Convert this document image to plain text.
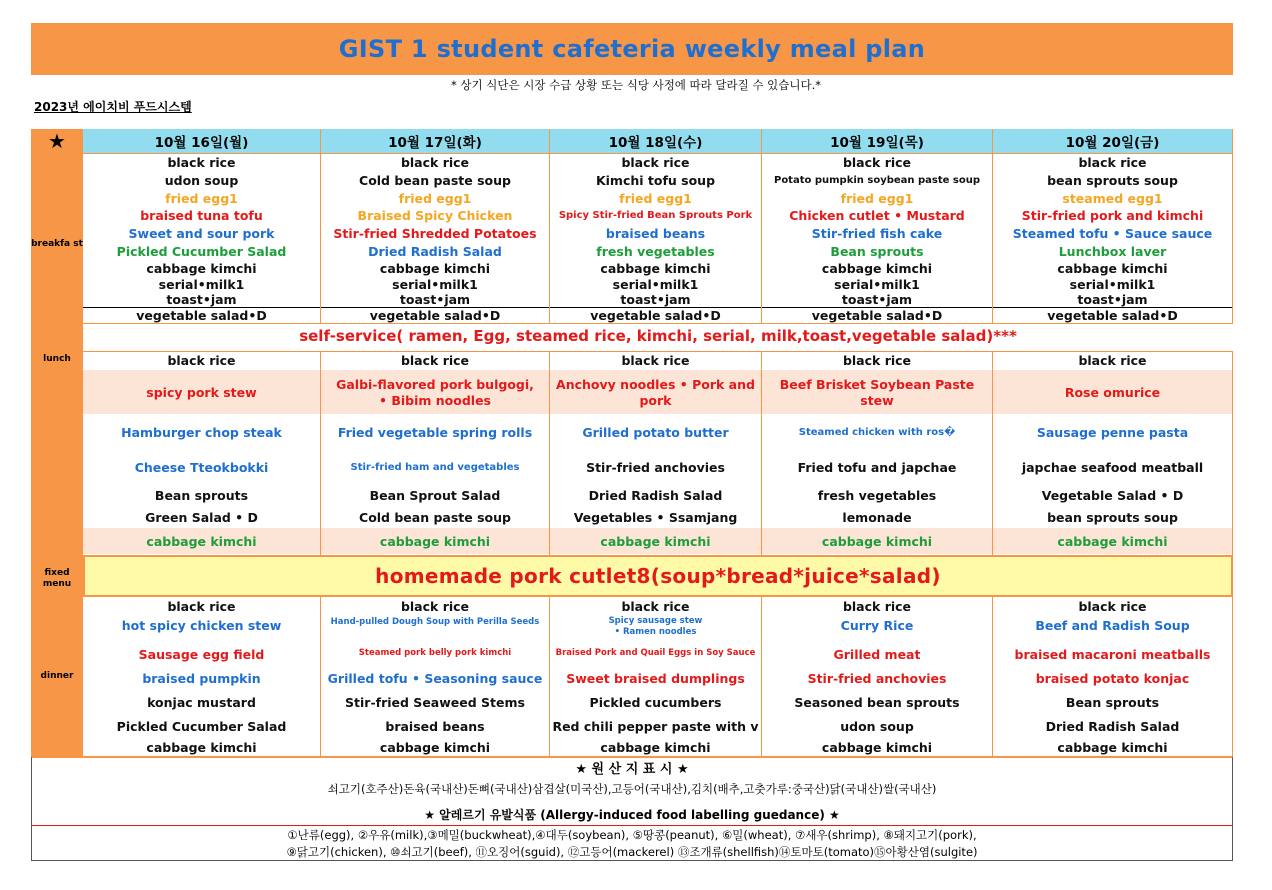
GIST 1 student cafeteria weekly meal plan
* 상기 식단은 시장 수급 상황 또는 식당 사정에 따라 달라질 수 있습니다.*
2023년 에이치비 푸드시스템
★
breakfa st
lunch
fixed menu
dinner
self-service( ramen, Egg, steamed rice, kimchi, serial, milk,toast,vegetable salad)***
homemade pork cutlet8(soup*bread*juice*salad)
10월 16일(월)
black rice
udon soup
fried egg1
braised tuna tofu
Sweet and sour pork
Pickled Cucumber Salad
cabbage kimchi
serial•milk1
toast•jam
vegetable salad•D
black rice
spicy pork stew
Hamburger chop steak
Cheese Tteokbokki
Bean sprouts
Green Salad • D
cabbage kimchi
black rice
hot spicy chicken stew
Sausage egg field
braised pumpkin
konjac mustard
Pickled Cucumber Salad
cabbage kimchi
10월 17일(화)
black rice
Cold bean paste soup
fried egg1
Braised Spicy Chicken
Stir-fried Shredded Potatoes
Dried Radish Salad
cabbage kimchi
serial•milk1
toast•jam
vegetable salad•D
black rice
Galbi-flavored pork bulgogi,
• Bibim noodles
Fried vegetable spring rolls
Stir-fried ham and vegetables
Bean Sprout Salad
Cold bean paste soup
cabbage kimchi
black rice
Hand-pulled Dough Soup with Perilla Seeds
Steamed pork belly pork kimchi
Grilled tofu • Seasoning sauce
Stir-fried Seaweed Stems
braised beans
cabbage kimchi
10월 18일(수)
black rice
Kimchi tofu soup
fried egg1
Spicy Stir-fried Bean Sprouts Pork
braised beans
fresh vegetables
cabbage kimchi
serial•milk1
toast•jam
vegetable salad•D
black rice
Anchovy noodles • Pork and
pork
Grilled potato butter
Stir-fried anchovies
Dried Radish Salad
Vegetables • Ssamjang
cabbage kimchi
black rice
Spicy sausage stew
• Ramen noodles
Braised Pork and Quail Eggs in Soy Sauce
Sweet braised dumplings
Pickled cucumbers
Red chili pepper paste with v
cabbage kimchi
10월 19일(목)
black rice
Potato pumpkin soybean paste soup
fried egg1
Chicken cutlet • Mustard
Stir-fried fish cake
Bean sprouts
cabbage kimchi
serial•milk1
toast•jam
vegetable salad•D
black rice
Beef Brisket Soybean Paste
stew
Steamed chicken with ros�
Fried tofu and japchae
fresh vegetables
lemonade
cabbage kimchi
black rice
Curry Rice
Grilled meat
Stir-fried anchovies
Seasoned bean sprouts
udon soup
cabbage kimchi
10월 20일(금)
black rice
bean sprouts soup
steamed egg1
Stir-fried pork and kimchi
Steamed tofu • Sauce sauce
Lunchbox laver
cabbage kimchi
serial•milk1
toast•jam
vegetable salad•D
black rice
Rose omurice
Sausage penne pasta
japchae seafood meatball
Vegetable Salad • D
bean sprouts soup
cabbage kimchi
black rice
Beef and Radish Soup
braised macaroni meatballs
braised potato konjac
Bean sprouts
Dried Radish Salad
cabbage kimchi
★ 원 산 지 표 시 ★
쇠고기(호주산)돈육(국내산)돈뼈(국내산)삼겹살(미국산),고등어(국내산),김치(배추,고춧가루:중국산)닭(국내산)쌀(국내산)
★ 알레르기 유발식품 (Allergy-induced food labelling guedance) ★
①난류(egg), ②우유(milk),③메밀(buckwheat),④대두(soybean), ⑤땅콩(peanut), ⑥밀(wheat), ⑦새우(shrimp), ⑧돼지고기(pork),
⑨닭고기(chicken), ⑩쇠고기(beef), ⑪오징어(sguid), ⑫고등어(mackerel) ⑬조개류(shellfish)⑭토마토(tomato)⑮아황산염(sulgite)
